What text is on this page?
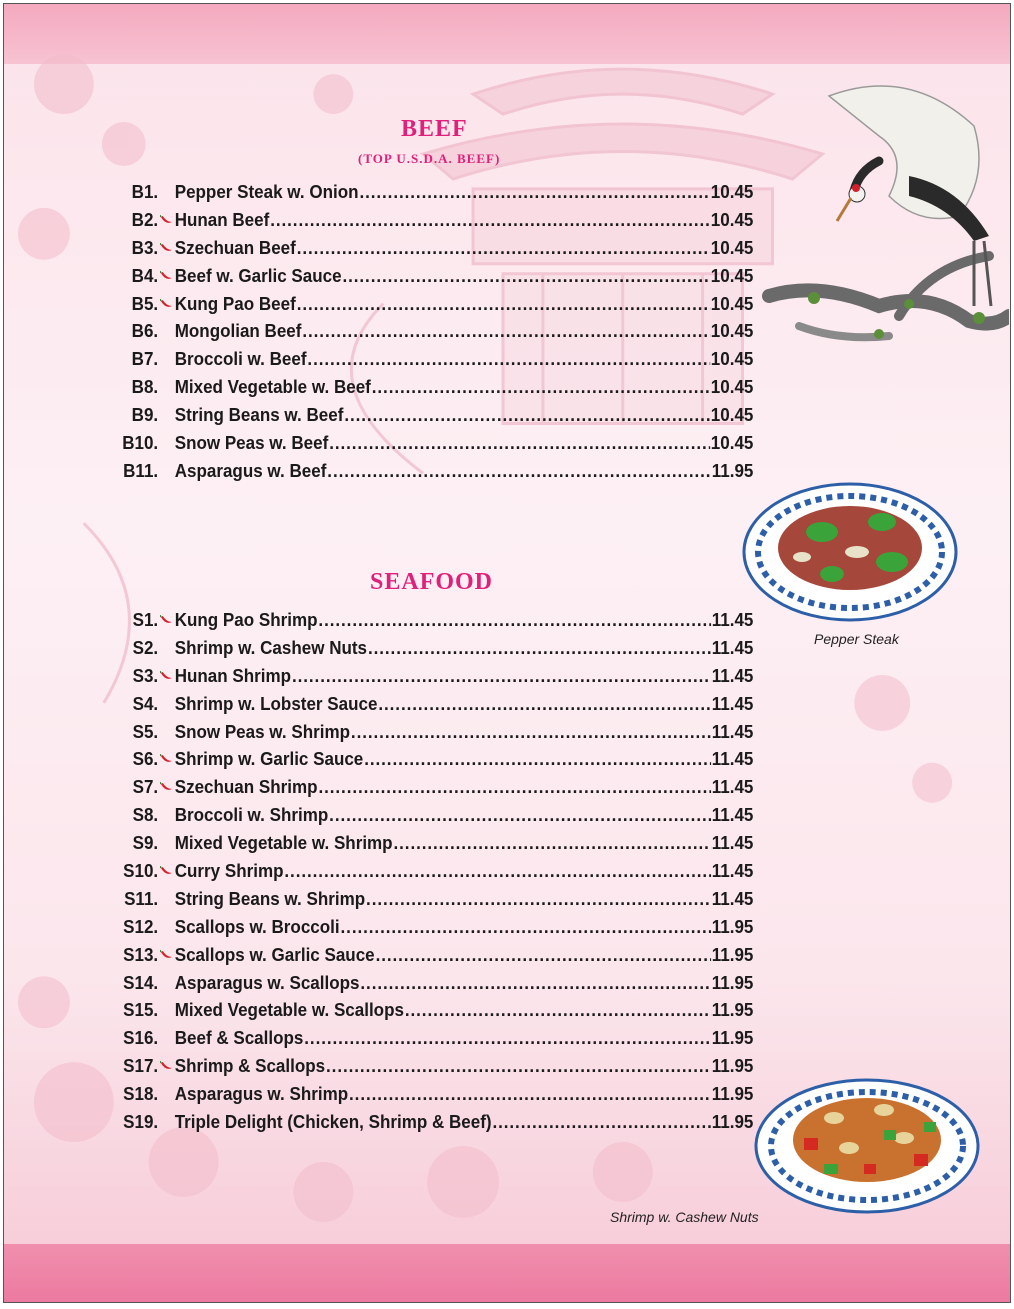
BEEF
(TOP U.S.D.A. BEEF)
B1. Pepper Steak w. Onion .....	10.45
B2. Hunan Beef .....	10.45
B3. Szechuan Beef .....	10.45
B4. Beef w. Garlic Sauce .....	10.45
B5. Kung Pao Beef .....	10.45
B6. Mongolian Beef .....	10.45
B7. Broccoli w. Beef .....	10.45
B8. Mixed Vegetable w. Beef .....	10.45
B9. String Beans w. Beef .....	10.45
B10. Snow Peas w. Beef .....	10.45
B11. Asparagus w. Beef .....	11.95
Pepper Steak
SEAFOOD
S1. Kung Pao Shrimp .....	11.45
S2. Shrimp w. Cashew Nuts .....	11.45
S3. Hunan Shrimp .....	11.45
S4. Shrimp w. Lobster Sauce .....	11.45
S5. Snow Peas w. Shrimp .....	11.45
S6. Shrimp w. Garlic Sauce .....	11.45
S7. Szechuan Shrimp .....	11.45
S8. Broccoli w. Shrimp .....	11.45
S9. Mixed Vegetable w. Shrimp .....	11.45
S10. Curry Shrimp .....	11.45
S11. String Beans w. Shrimp .....	11.45
S12. Scallops w. Broccoli .....	11.95
S13. Scallops w. Garlic Sauce .....	11.95
S14. Asparagus w. Scallops .....	11.95
S15. Mixed Vegetable w. Scallops .....	11.95
S16. Beef & Scallops .....	11.95
S17. Shrimp & Scallops .....	11.95
S18. Asparagus w. Shrimp .....	11.95
S19. Triple Delight (Chicken, Shrimp & Beef) .....	11.95
Shrimp w. Cashew Nuts
